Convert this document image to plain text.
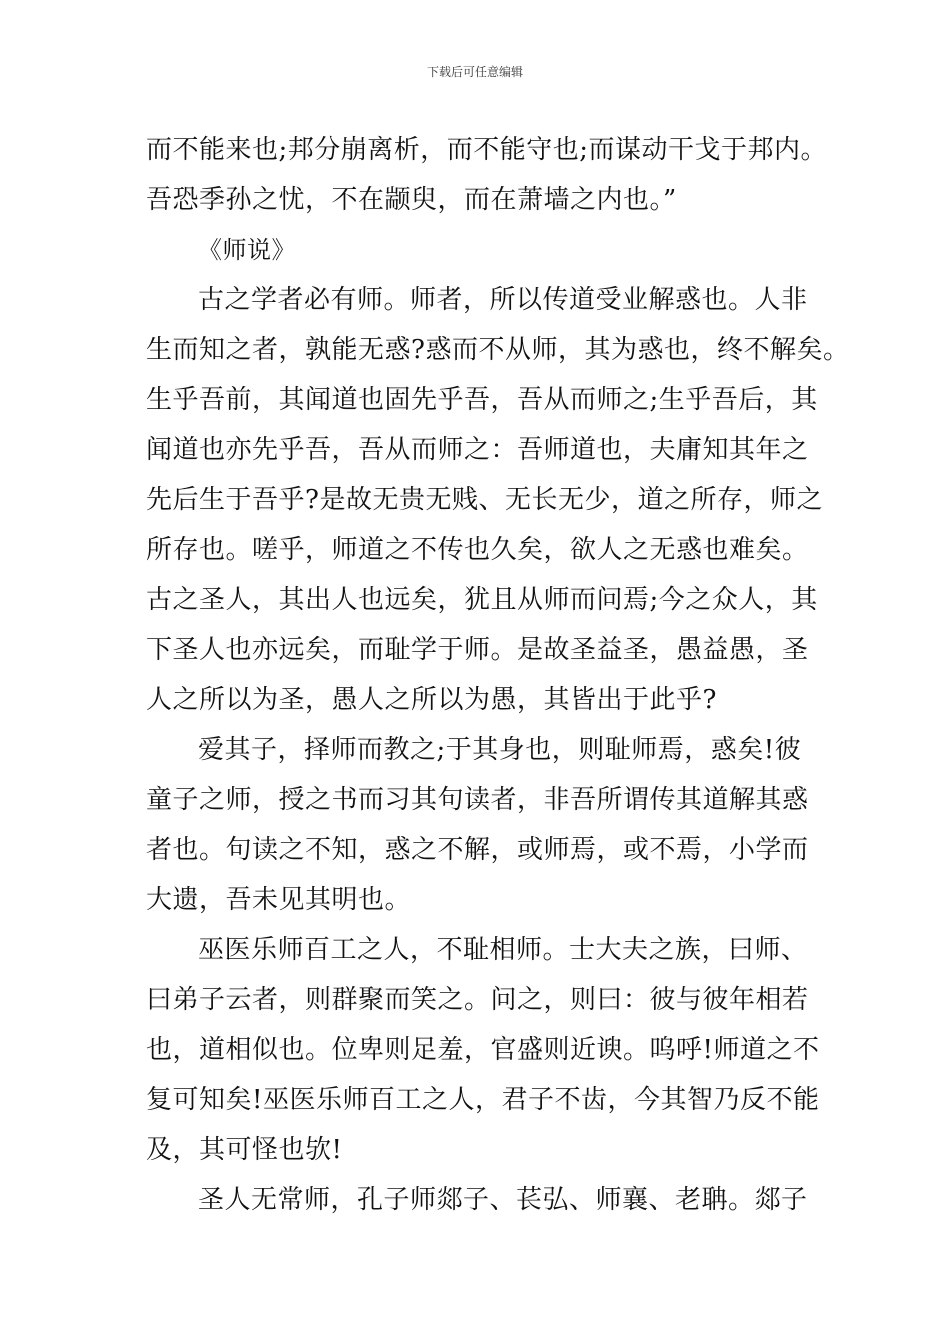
下载后可任意编辑
而不能来也;邦分崩离析，而不能守也;而谋动干戈于邦内。
吾恐季孙之忧，不在颛臾，而在萧墙之内也。”
《师说》
古之学者必有师。师者，所以传道受业解惑也。人非
生而知之者，孰能无惑?惑而不从师，其为惑也，终不解矣。
生乎吾前，其闻道也固先乎吾，吾从而师之;生乎吾后，其
闻道也亦先乎吾，吾从而师之：吾师道也，夫庸知其年之
先后生于吾乎?是故无贵无贱、无长无少，道之所存，师之
所存也。嗟乎，师道之不传也久矣，欲人之无惑也难矣。
古之圣人，其出人也远矣，犹且从师而问焉;今之众人，其
下圣人也亦远矣，而耻学于师。是故圣益圣，愚益愚，圣
人之所以为圣，愚人之所以为愚，其皆出于此乎?
爱其子，择师而教之;于其身也，则耻师焉，惑矣!彼
童子之师，授之书而习其句读者，非吾所谓传其道解其惑
者也。句读之不知，惑之不解，或师焉，或不焉，小学而
大遗，吾未见其明也。
巫医乐师百工之人，不耻相师。士大夫之族，曰师、
曰弟子云者，则群聚而笑之。问之，则曰：彼与彼年相若
也，道相似也。位卑则足羞，官盛则近谀。呜呼!师道之不
复可知矣!巫医乐师百工之人，君子不齿，今其智乃反不能
及，其可怪也欤!
圣人无常师，孔子师郯子、苌弘、师襄、老聃。郯子
